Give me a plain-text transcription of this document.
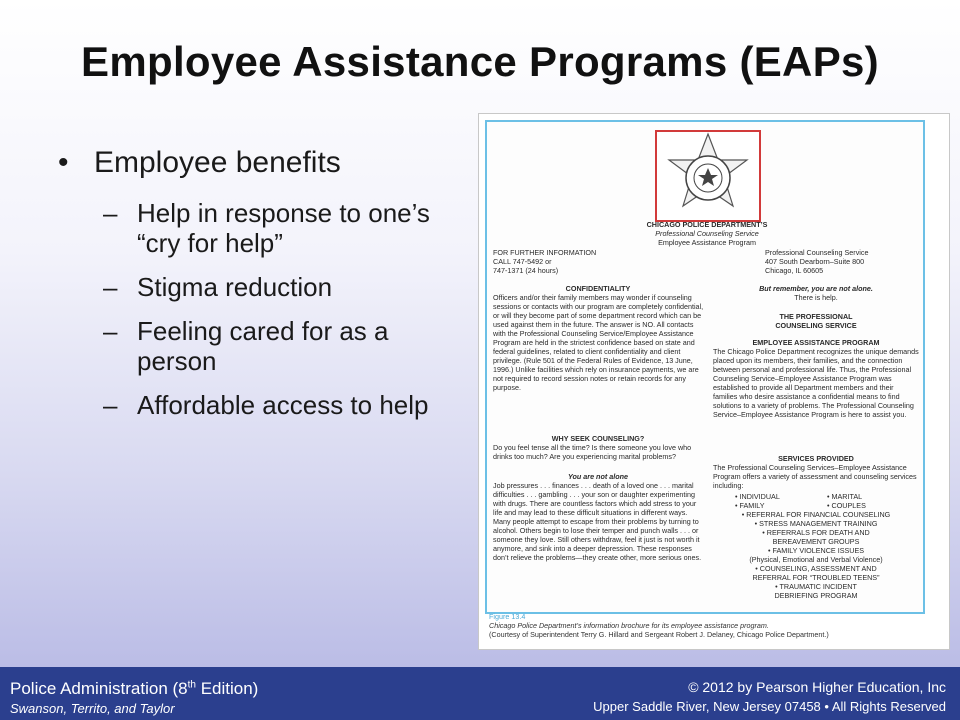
Employee Assistance Programs (EAPs)
• Employee benefits
– Help in response to one’s “cry for help”
– Stigma reduction
– Feeling cared for as a person
– Affordable access to help
CHICAGO POLICE DEPARTMENT’S
Professional Counseling Service
Employee Assistance Program
FOR FURTHER INFORMATION
CALL 747-5492 or
747-1371 (24 hours)
CONFIDENTIALITY
Officers and/or their family members may wonder if counseling sessions or contacts with our program are completely confidential, or will they become part of some department record which can be used against them in the future. The answer is NO. All contacts with the Professional Counseling Service/Employee Assistance Program are held in the strictest confidence based on state and federal guidelines, related to client confidentiality and client privilege. (Rule 501 of the Federal Rules of Evidence, 13 June, 1996.) Unlike facilities which rely on insurance payments, we are not required to record session notes or retain records for any purpose.
WHY SEEK COUNSELING?
Do you feel tense all the time? Is there someone you love who drinks too much? Are you experiencing marital problems?
You are not alone
Job pressures . . . finances . . . death of a loved one . . . marital difficulties . . . gambling . . . your son or daughter experimenting with drugs. There are countless factors which add stress to your life and may lead to these difficult situations in different ways. Many people attempt to escape from their problems by turning to alcohol. Others begin to lose their temper and punch walls . . . or someone they love. Still others withdraw, feel it just is not worth it anymore, and sink into a deeper depression. These responses don’t relieve the problems—they create other, more serious ones.
Professional Counseling Service
407 South Dearborn–Suite 800
Chicago, IL 60605
But remember, you are not alone.
There is help.
THE PROFESSIONAL
COUNSELING SERVICE
EMPLOYEE ASSISTANCE PROGRAM
The Chicago Police Department recognizes the unique demands placed upon its members, their families, and the connection between personal and professional life. Thus, the Professional Counseling Service–Employee Assistance Program was established to provide all Department members and their families who desire assistance a confidential means to find solutions to a variety of problems. The Professional Counseling Service–Employee Assistance Program is here to assist you.
SERVICES PROVIDED
The Professional Counseling Services–Employee Assistance Program offers a variety of assessment and counseling services including:
• INDIVIDUAL	• MARITAL
• FAMILY	• COUPLES
• REFERRAL FOR FINANCIAL COUNSELING
• STRESS MANAGEMENT TRAINING
• REFERRALS FOR DEATH AND
BEREAVEMENT GROUPS
• FAMILY VIOLENCE ISSUES
(Physical, Emotional and Verbal Violence)
• COUNSELING, ASSESSMENT AND
REFERRAL FOR “TROUBLED TEENS”
• TRAUMATIC INCIDENT
DEBRIEFING PROGRAM
Figure 13.4
Chicago Police Department’s information brochure for its employee assistance program.
(Courtesy of Superintendent Terry G. Hillard and Sergeant Robert J. Delaney, Chicago Police Department.)
Police Administration (8th Edition)
Swanson, Territo, and Taylor
© 2012 by Pearson Higher Education, Inc
Upper Saddle River, New Jersey 07458 • All Rights Reserved
